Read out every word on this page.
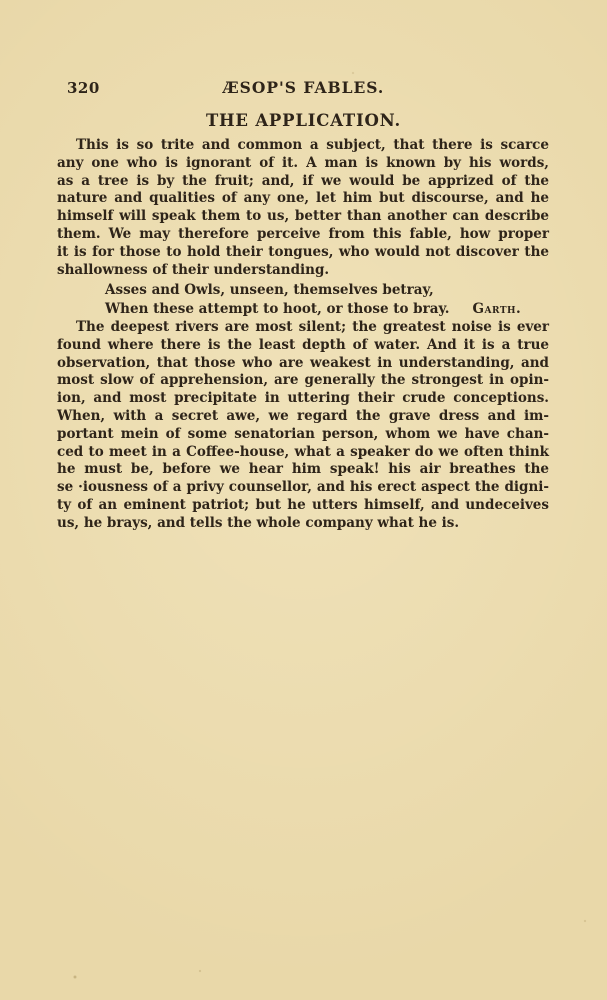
320	ÆSOP'S FABLES.
THE APPLICATION.
This is so trite and common a subject, that there is scarce
any one who is ignorant of it. A man is known by his words,
as a tree is by the fruit; and, if we would be apprized of the
nature and qualities of any one, let him but discourse, and he
himself will speak them to us, better than another can describe
them. We may therefore perceive from this fable, how proper
it is for those to hold their tongues, who would not discover the
shallowness of their understanding.
Asses and Owls, unseen, themselves betray,
When these attempt to hoot, or those to bray. Garth.
The deepest rivers are most silent; the greatest noise is ever
found where there is the least depth of water. And it is a true
observation, that those who are weakest in understanding, and
most slow of apprehension, are generally the strongest in opin-
ion, and most precipitate in uttering their crude conceptions.
When, with a secret awe, we regard the grave dress and im-
portant mein of some senatorian person, whom we have chan-
ced to meet in a Coffee-house, what a speaker do we often think
he must be, before we hear him speak! his air breathes the
se ·iousness of a privy counsellor, and his erect aspect the digni-
ty of an eminent patriot; but he utters himself, and undeceives
us, he brays, and tells the whole company what he is.
